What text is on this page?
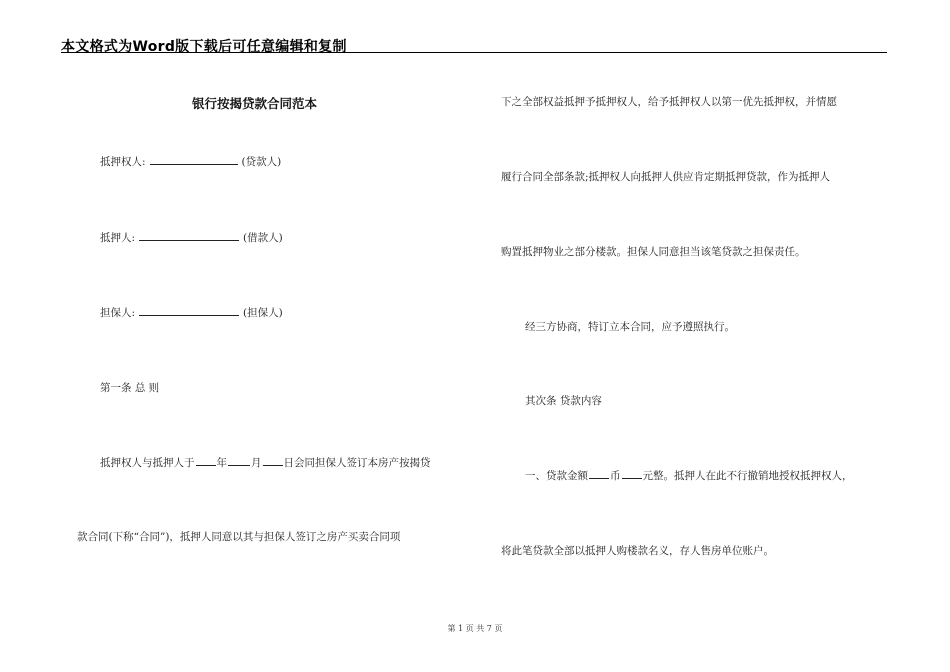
本文格式为Word版下载后可任意编辑和复制
银行按揭贷款合同范本
抵押权人:	(贷款人)
抵押人:	(借款人)
担保人:	(担保人)
第一条 总 则
抵押权人与抵押人于 年 月 日会同担保人签订本房产按揭贷
款合同(下称“合同”)，抵押人同意以其与担保人签订之房产买卖合同项
下之全部权益抵押予抵押权人，给予抵押权人以第一优先抵押权，并情愿
履行合同全部条款;抵押权人向抵押人供应肯定期抵押贷款，作为抵押人
购置抵押物业之部分楼款。担保人同意担当该笔贷款之担保责任。
经三方协商，特订立本合同，应予遵照执行。
其次条 贷款内容
一、贷款金额 币 元整。抵押人在此不行撤销地授权抵押权人，
将此笔贷款全部以抵押人购楼款名义，存人售房单位账户。
第 1 页 共 7 页
